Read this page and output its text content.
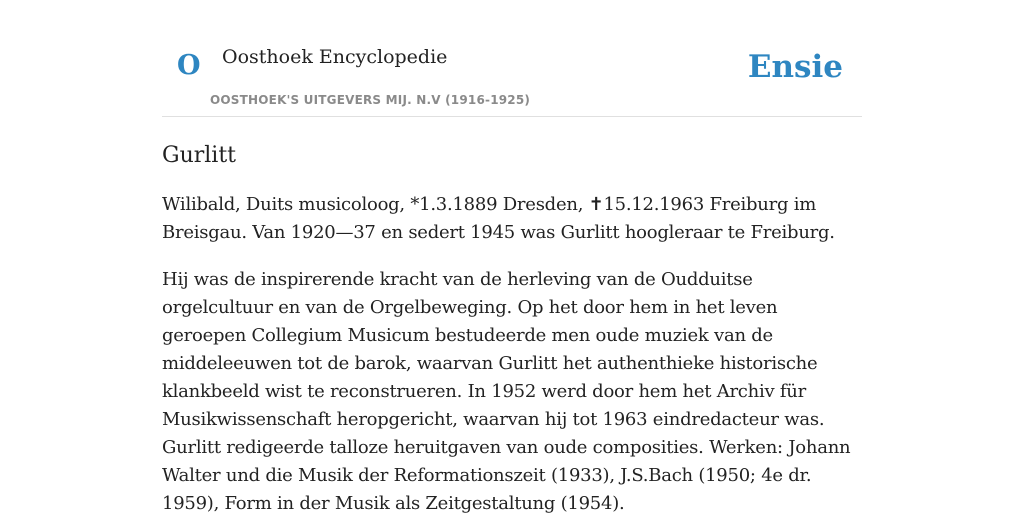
O Oosthoek Encyclopedie
OOSTHOEK'S UITGEVERS MIJ. N.V (1916-1925)
Ensie
Gurlitt

Wilibald, Duits musicoloog, *1.3.1889 Dresden, ✝15.12.1963 Freiburg im Breisgau. Van 1920—37 en sedert 1945 was Gurlitt hoogleraar te Freiburg.

Hij was de inspirerende kracht van de herleving van de Oudduitse orgelcultuur en van de Orgelbeweging. Op het door hem in het leven geroepen Collegium Musicum bestudeerde men oude muziek van de middeleeuwen tot de barok, waarvan Gurlitt het authenthieke historische klankbeeld wist te reconstrueren. In 1952 werd door hem het Archiv für Musikwissenschaft heropgericht, waarvan hij tot 1963 eindredacteur was. Gurlitt redigeerde talloze heruitgaven van oude composities. Werken: Johann Walter und die Musik der Reformationszeit (1933), J.S.Bach (1950; 4e dr. 1959), Form in der Musik als Zeitgestaltung (1954).
